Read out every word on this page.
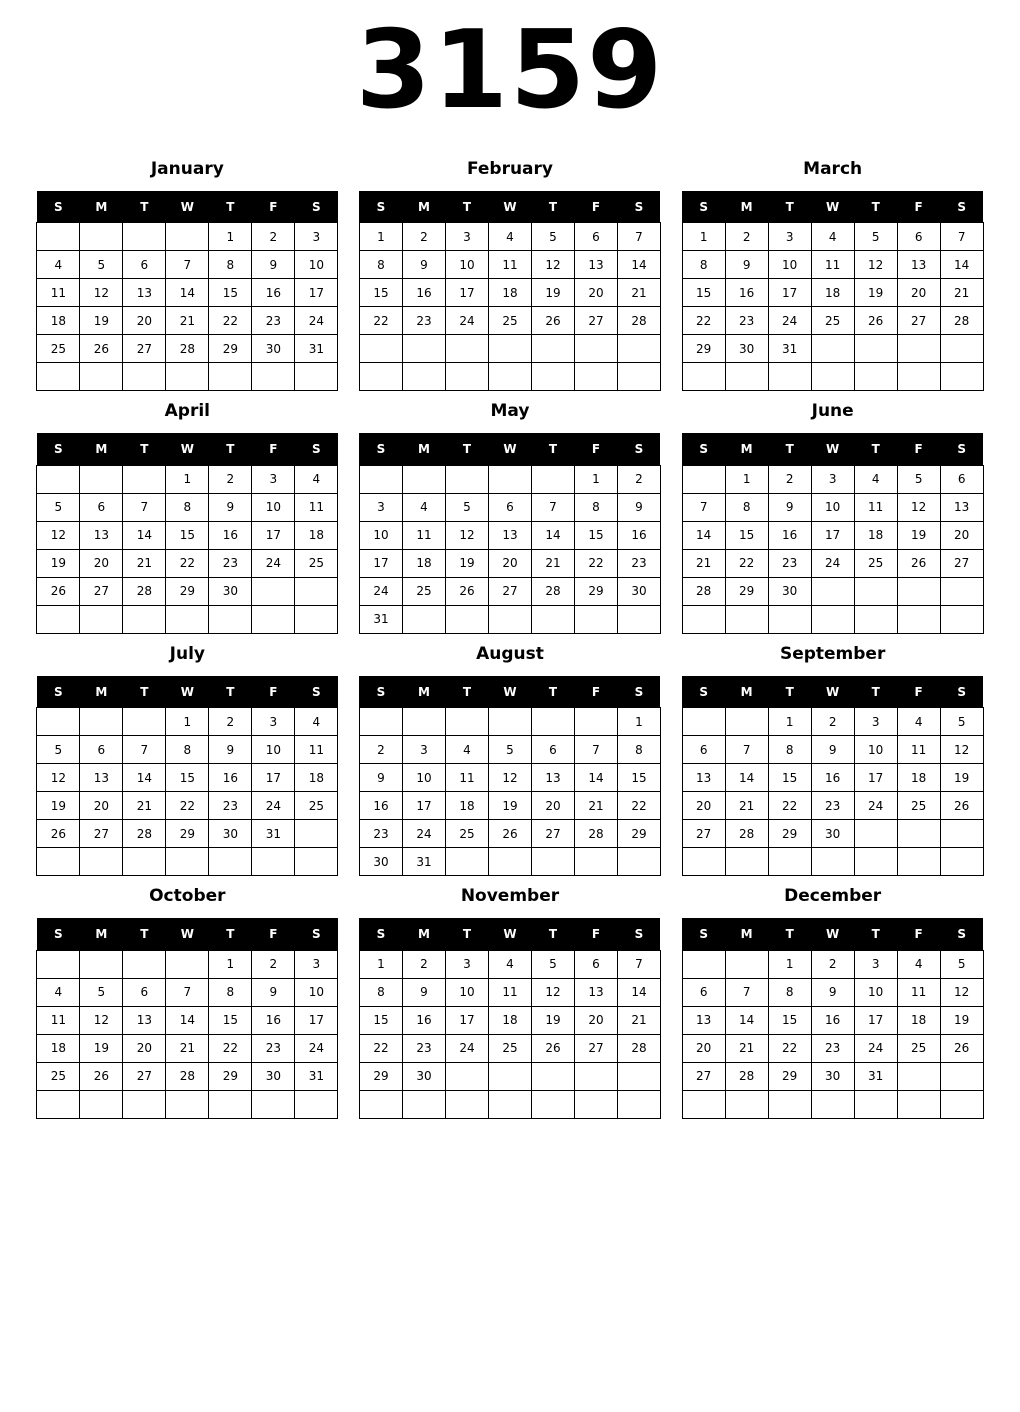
3159
January
S	M	T	W	T	F	S
				1	2	3
4	5	6	7	8	9	10
11	12	13	14	15	16	17
18	19	20	21	22	23	24
25	26	27	28	29	30	31

February
S	M	T	W	T	F	S
1	2	3	4	5	6	7
8	9	10	11	12	13	14
15	16	17	18	19	20	21
22	23	24	25	26	27	28

March
S	M	T	W	T	F	S
1	2	3	4	5	6	7
8	9	10	11	12	13	14
15	16	17	18	19	20	21
22	23	24	25	26	27	28
29	30	31				

April
S	M	T	W	T	F	S
			1	2	3	4
5	6	7	8	9	10	11
12	13	14	15	16	17	18
19	20	21	22	23	24	25
26	27	28	29	30		

May
S	M	T	W	T	F	S
					1	2
3	4	5	6	7	8	9
10	11	12	13	14	15	16
17	18	19	20	21	22	23
24	25	26	27	28	29	30
31						
June
S	M	T	W	T	F	S
	1	2	3	4	5	6
7	8	9	10	11	12	13
14	15	16	17	18	19	20
21	22	23	24	25	26	27
28	29	30				

July
S	M	T	W	T	F	S
			1	2	3	4
5	6	7	8	9	10	11
12	13	14	15	16	17	18
19	20	21	22	23	24	25
26	27	28	29	30	31	

August
S	M	T	W	T	F	S
						1
2	3	4	5	6	7	8
9	10	11	12	13	14	15
16	17	18	19	20	21	22
23	24	25	26	27	28	29
30	31					
September
S	M	T	W	T	F	S
		1	2	3	4	5
6	7	8	9	10	11	12
13	14	15	16	17	18	19
20	21	22	23	24	25	26
27	28	29	30			

October
S	M	T	W	T	F	S
				1	2	3
4	5	6	7	8	9	10
11	12	13	14	15	16	17
18	19	20	21	22	23	24
25	26	27	28	29	30	31

November
S	M	T	W	T	F	S
1	2	3	4	5	6	7
8	9	10	11	12	13	14
15	16	17	18	19	20	21
22	23	24	25	26	27	28
29	30					

December
S	M	T	W	T	F	S
		1	2	3	4	5
6	7	8	9	10	11	12
13	14	15	16	17	18	19
20	21	22	23	24	25	26
27	28	29	30	31		
